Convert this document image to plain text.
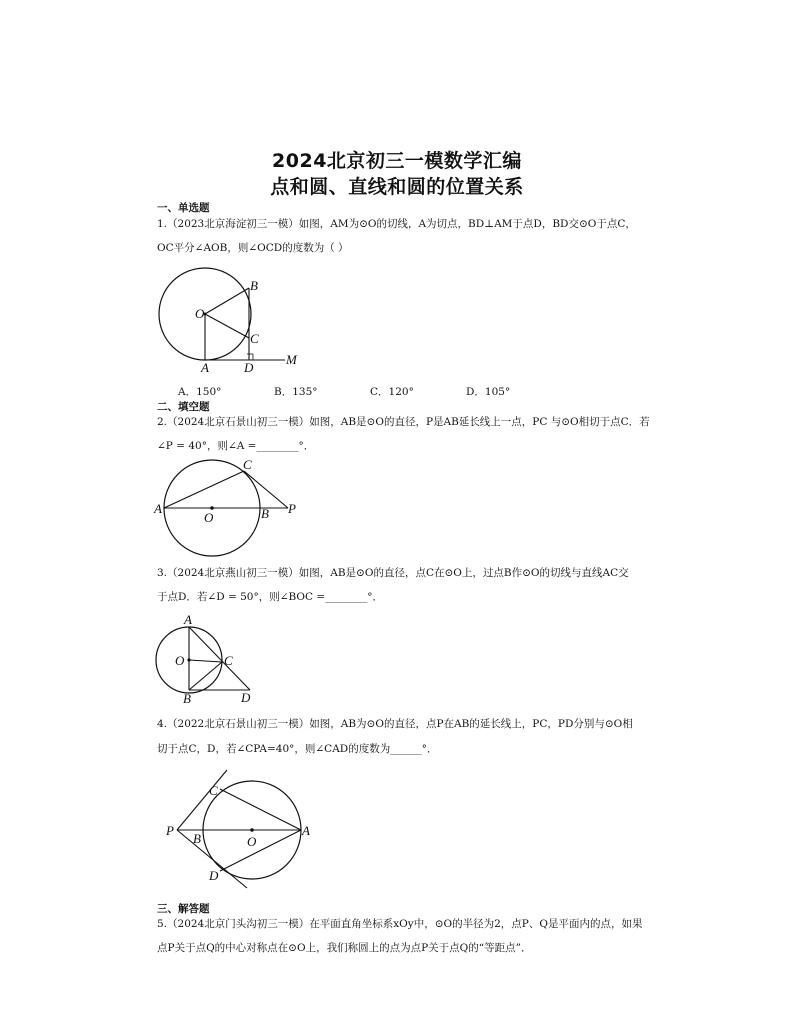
2024北京初三一模数学汇编
点和圆、直线和圆的位置关系
一、单选题
1.（2023北京海淀初三一模）如图，AM为⊙O的切线，A为切点，BD⊥AM于点D，BD交⊙O于点C，
OC平分∠AOB，则∠OCD的度数为（ ）
O
A
B
C
D
M
A．150°	B．135°	C．120°	D．105°
二、填空题
2.（2024北京石景山初三一模）如图，AB是⊙O的直径，P是AB延长线上一点，PC 与⊙O相切于点C．若
∠P = 40°，则∠A =________°．
A
O	B P
C
3.（2024北京燕山初三一模）如图，AB是⊙O的直径，点C在⊙O上，过点B作⊙O的切线与直线AC交
于点D．若∠D = 50°，则∠BOC =________°．
A
O	C
B	D
4.（2022北京石景山初三一模）如图，AB为⊙O的直径，点P在AB的延长线上，PC，PD分别与⊙O相
切于点C，D，若∠CPA=40°，则∠CAD的度数为______°．
C
P
B	O
A
D
三、解答题
5.（2024北京门头沟初三一模）在平面直角坐标系xOy中，⊙O的半径为2，点P、Q是平面内的点，如果
点P关于点Q的中心对称点在⊙O上，我们称圆上的点为点P关于点Q的“等距点”．
